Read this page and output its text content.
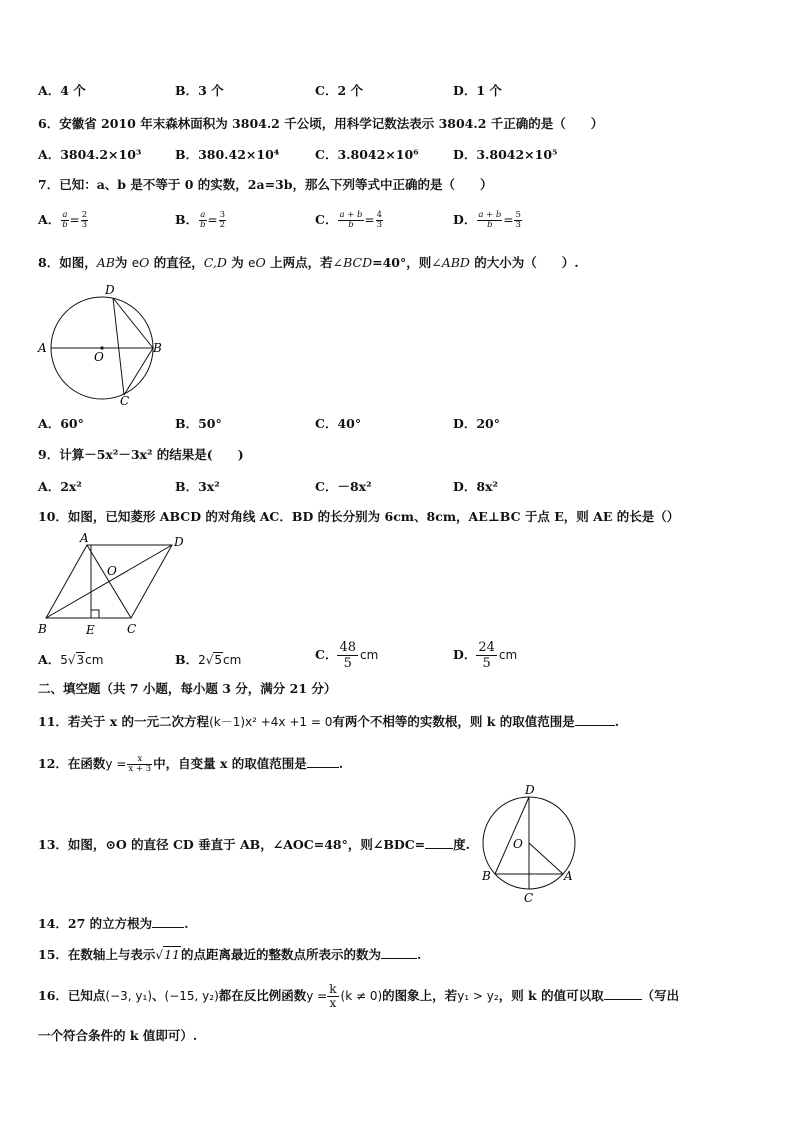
A．4 个	B．3 个	C．2 个	D．1 个
6．安徽省 2010 年末森林面积为 3804.2 千公顷，用科学记数法表示 3804.2 千正确的是（　　）
A．3804.2×10³	B．380.42×10⁴	C．3.8042×10⁶	D．3.8042×10⁵
7．已知：a、b 是不等于 0 的实数，2a=3b，那么下列等式中正确的是（　　）
A． $\frac{a}{b} = \frac{2}{3}$	B． $\frac{a}{b} = \frac{3}{2}$	C． $\frac{a + b}{b} = \frac{4}{3}$	D． $\frac{a + b}{b} = \frac{5}{3}$
8．如图，AB为 eO 的直径，C,D 为 eO 上两点，若∠BCD=40°，则∠ABD 的大小为（　　）.
A	B
C
D
O
A．60°	B．50°	C．40°	D．20°
9．计算－5x²－3x² 的结果是(　　)
A．2x²	B．3x²	C．－8x²	D．8x²
10．如图，已知菱形 ABCD 的对角线 AC．BD 的长分别为 6cm、8cm，AE⊥BC 于点 E，则 AE 的长是（）
A	D
O
B	E	C
A．5√3cm	B．2√5cm	C． $\frac{48}{5}$ cm	D． $\frac{24}{5}$ cm
二、填空题（共 7 小题，每小题 3 分，满分 21 分）
11．若关于 x 的一元二次方程(k－1)x² +4x +1 = 0有两个不相等的实数根，则 k 的取值范围是	.
12．在函数$y = \frac{x}{x + 3}$ 中，自变量 x 的取值范围是	.
13．如图，⊙O 的直径 CD 垂直于 AB，∠AOC=48°，则∠BDC= 度.
D
O
B	A
C
14．27 的立方根为	.
15．在数轴上与表示√11的点距离最近的整数点所表示的数为	.
16．已知点(−3, y₁)、(−15, y₂)都在反比例函数$y = \frac{k}{x} (k \ne 0)$的图象上，若y₁ > y₂，则 k 的值可以取	（写出
一个符合条件的 k 值即可）.
